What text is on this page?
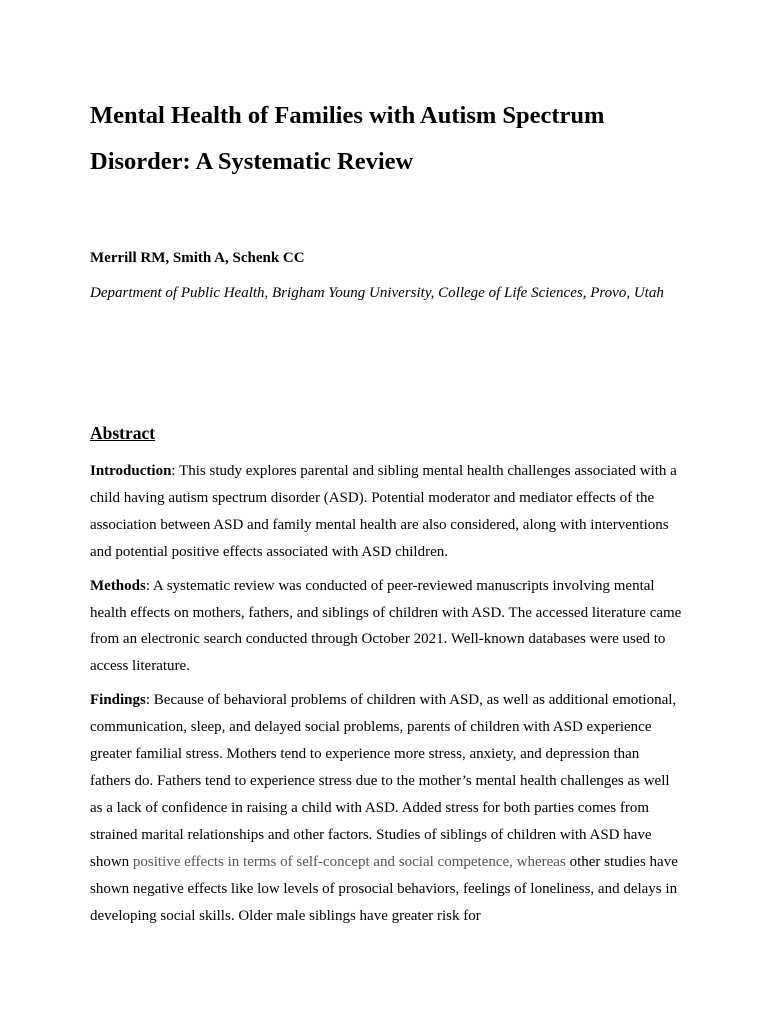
Mental Health of Families with Autism Spectrum Disorder: A Systematic Review

Merrill RM, Smith A, Schenk CC

Department of Public Health, Brigham Young University, College of Life Sciences, Provo, Utah

Abstract

Introduction: This study explores parental and sibling mental health challenges associated with a child having autism spectrum disorder (ASD). Potential moderator and mediator effects of the association between ASD and family mental health are also considered, along with interventions and potential positive effects associated with ASD children.

Methods: A systematic review was conducted of peer-reviewed manuscripts involving mental health effects on mothers, fathers, and siblings of children with ASD. The accessed literature came from an electronic search conducted through October 2021. Well-known databases were used to access literature.

Findings: Because of behavioral problems of children with ASD, as well as additional emotional, communication, sleep, and delayed social problems, parents of children with ASD experience greater familial stress. Mothers tend to experience more stress, anxiety, and depression than fathers do. Fathers tend to experience stress due to the mother’s mental health challenges as well as a lack of confidence in raising a child with ASD. Added stress for both parties comes from strained marital relationships and other factors. Studies of siblings of children with ASD have shown positive effects in terms of self-concept and social competence, whereas other studies have shown negative effects like low levels of prosocial behaviors, feelings of loneliness, and delays in developing social skills. Older male siblings have greater risk for
